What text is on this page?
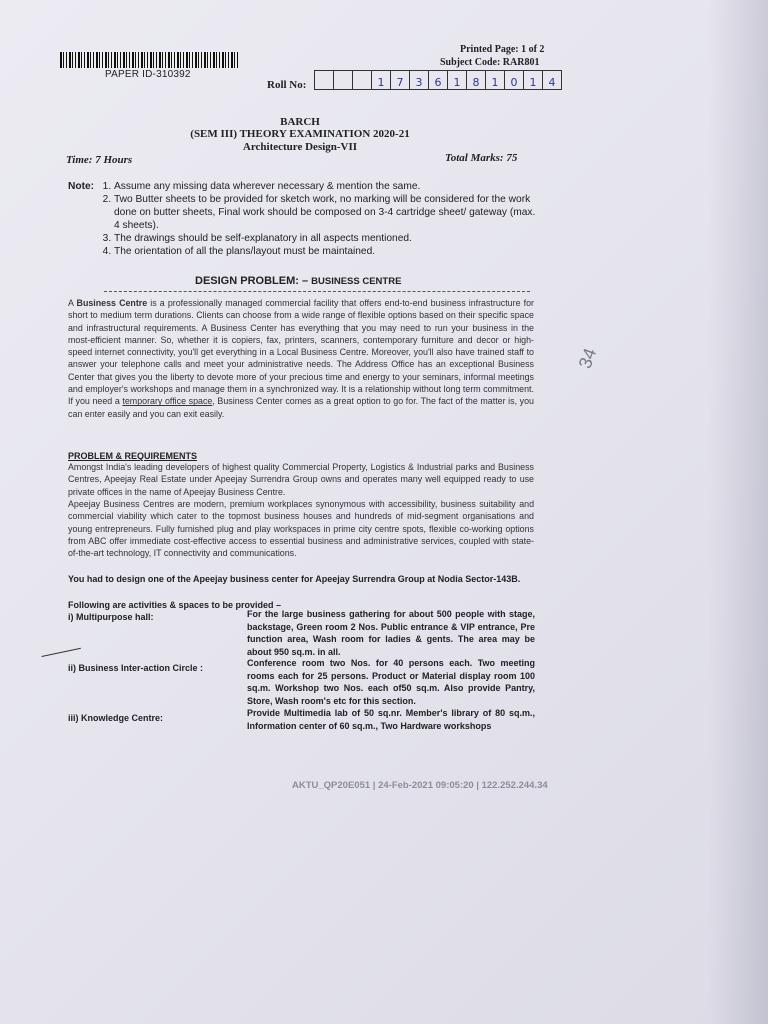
PAPER ID-310392
Printed Page: 1 of 2
Subject Code: RAR801
Roll No:	1	7	3	6	1	8	1	0	1	4
BARCH
(SEM III) THEORY EXAMINATION 2020-21
Architecture Design-VII
Time: 7 Hours	Total Marks: 75
Note:
1. Assume any missing data wherever necessary & mention the same.
2. Two Butter sheets to be provided for sketch work, no marking will be considered for the work done on butter sheets, Final work should be composed on 3-4 cartridge sheet/ gateway (max. 4 sheets).
3. The drawings should be self-explanatory in all aspects mentioned.
4. The orientation of all the plans/layout must be maintained.
DESIGN PROBLEM: – BUSINESS CENTRE
A Business Centre is a professionally managed commercial facility that offers end-to-end business infrastructure for short to medium term durations. Clients can choose from a wide range of flexible options based on their specific space and infrastructural requirements. A Business Center has everything that you may need to run your business in the most-efficient manner. So, whether it is copiers, fax, printers, scanners, contemporary furniture and decor or high-speed internet connectivity, you'll get everything in a Local Business Centre. Moreover, you'll also have trained staff to answer your telephone calls and meet your administrative needs. The Address Office has an exceptional Business Center that gives you the liberty to devote more of your precious time and energy to your seminars, informal meetings and employer's workshops and manage them in a synchronized way. It is a relationship without long term commitment. If you need a temporary office space, Business Center comes as a great option to go for. The fact of the matter is, you can enter easily and you can exit easily.
PROBLEM & REQUIREMENTS
Amongst India's leading developers of highest quality Commercial Property, Logistics & Industrial parks and Business Centres, Apeejay Real Estate under Apeejay Surrendra Group owns and operates many well equipped ready to use private offices in the name of Apeejay Business Centre.
Apeejay Business Centres are modern, premium workplaces synonymous with accessibility, business suitability and commercial viability which cater to the topmost business houses and hundreds of mid-segment organisations and young entrepreneurs. Fully furnished plug and play workspaces in prime city centre spots, flexible co-working options from ABC offer immediate cost-effective access to essential business and administrative services, coupled with state-of-the-art technology, IT connectivity and communications.
You had to design one of the Apeejay business center for Apeejay Surrendra Group at Nodia Sector-143B.
Following are activities & spaces to be provided –
i) Multipurpose hall:	For the large business gathering for about 500 people with stage, backstage, Green room 2 Nos. Public entrance & VIP entrance, Pre function area, Wash room for ladies & gents. The area may be about 950 sq.m. in all.
ii) Business Inter-action Circle :	Conference room two Nos. for 40 persons each. Two meeting rooms each for 25 persons. Product or Material display room 100 sq.m. Workshop two Nos. each of50 sq.m. Also provide Pantry, Store, Wash room's etc for this section.
iii) Knowledge Centre:	Provide Multimedia lab of 50 sq.nr. Member's library of 80 sq.m., Information center of 60 sq.m., Two Hardware workshops
34
AKTU_QP20E051 | 24-Feb-2021 09:05:20 | 122.252.244.34
